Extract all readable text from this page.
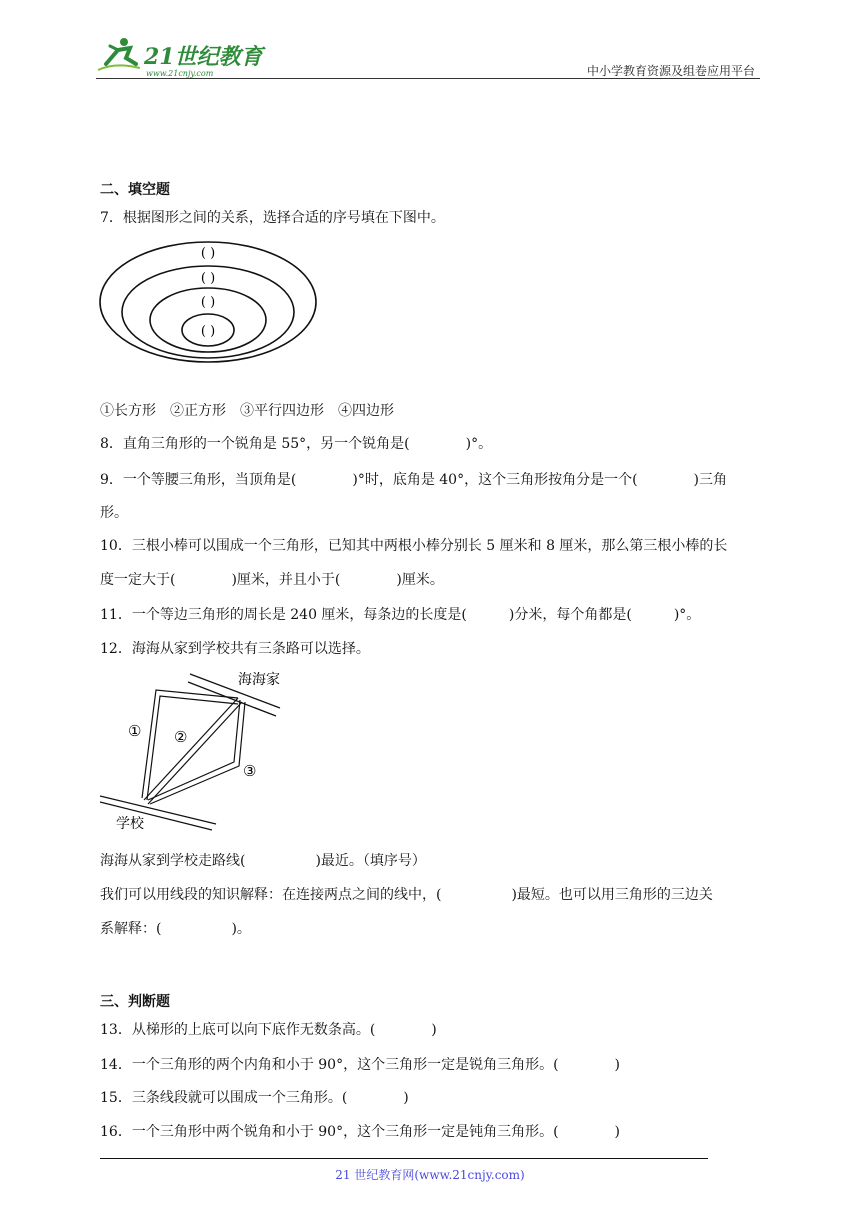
21世纪教育
www.21cnjy.com	中小学教育资源及组卷应用平台
二、填空题
7．根据图形之间的关系，选择合适的序号填在下图中。
( )
( )
( )
( )
①长方形　②正方形　③平行四边形　④四边形
8．直角三角形的一个锐角是 55°，另一个锐角是(　　　　)°。
9．一个等腰三角形，当顶角是(　　　　)°时，底角是 40°，这个三角形按角分是一个(　　　　)三角
形。
10．三根小棒可以围成一个三角形，已知其中两根小棒分别长 5 厘米和 8 厘米，那么第三根小棒的长
度一定大于(　　　　)厘米，并且小于(　　　　)厘米。
11．一个等边三角形的周长是 240 厘米，每条边的长度是(　　　)分米，每个角都是(　　　)°。
12．海海从家到学校共有三条路可以选择。
海海家
学校
① ②
③
海海从家到学校走路线(　　　　　)最近。（填序号）
我们可以用线段的知识解释：在连接两点之间的线中，(　　　　　)最短。也可以用三角形的三边关
系解释：(　　　　　)。
三、判断题
13．从梯形的上底可以向下底作无数条高。(　　　　)
14．一个三角形的两个内角和小于 90°，这个三角形一定是锐角三角形。(　　　　)
15．三条线段就可以围成一个三角形。(　　　　)
16．一个三角形中两个锐角和小于 90°，这个三角形一定是钝角三角形。(　　　　)
21 世纪教育网(www.21cnjy.com)
